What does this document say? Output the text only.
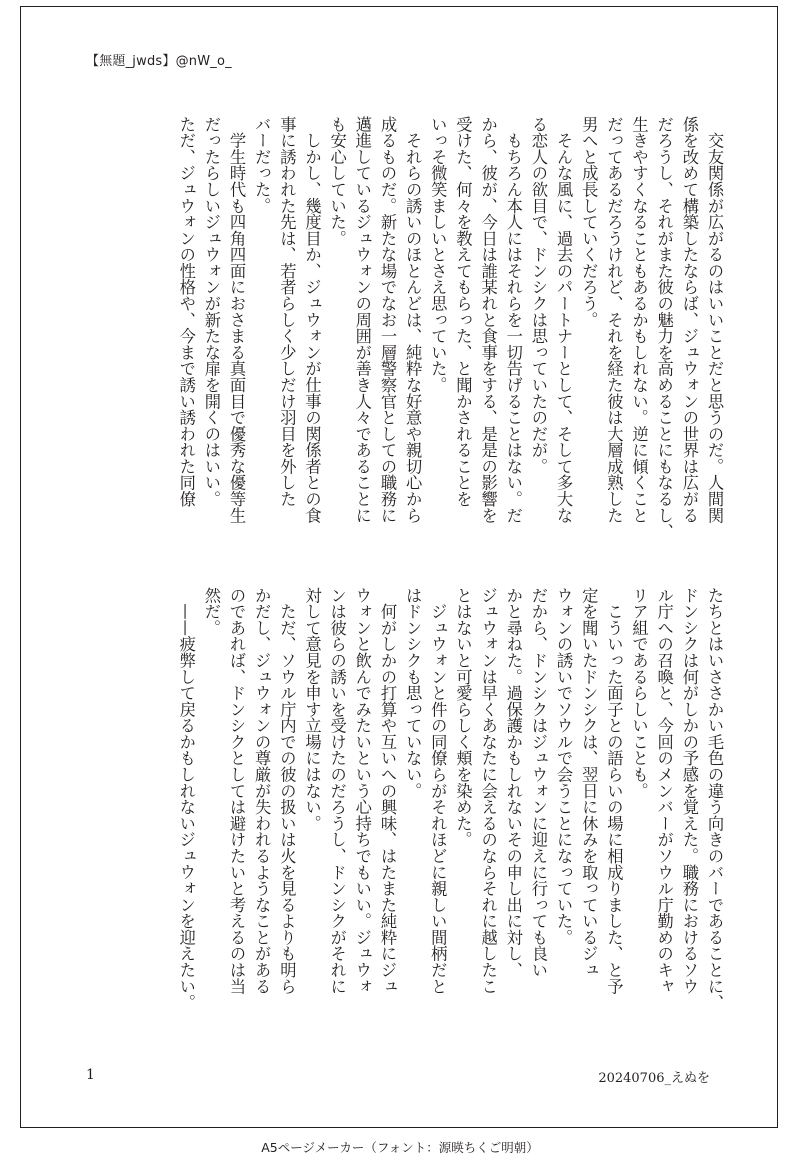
【無題_jwds】@nW_o_

　交友関係が広がるのはいいことだと思うのだ。人間関

係を改めて構築したならば、ジュウォンの世界は広がる

だろうし、それがまた彼の魅力を高めることにもなるし、

生きやすくなることもあるかもしれない。逆に傾くこと

だってあるだろうけれど、それを経た彼は大層成熟した

男へと成長していくだろう。

　そんな風に、過去のパートナーとして、そして多大な

る恋人の欲目で、ドンシクは思っていたのだが。

　もちろん本人にはそれらを一切告げることはない。だ

から、彼が、今日は誰某れと食事をする、是是の影響を

受けた、何々を教えてもらった、と聞かされることを

いっそ微笑ましいとさえ思っていた。

　それらの誘いのほとんどは、純粋な好意や親切心から

成るものだ。新たな場でなお一層警察官としての職務に

邁進しているジュウォンの周囲が善き人々であることに

も安心していた。

　しかし、幾度目か、ジュウォンが仕事の関係者との食

事に誘われた先は、若者らしく少しだけ羽目を外した

バーだった。

　学生時代も四角四面におさまる真面目で優秀な優等生

だったらしいジュウォンが新たな扉を開くのはいい。

ただ、ジュウォンの性格や、今まで誘い誘われた同僚

たちとはいささかい毛色の違う向きのバーであることに、

ドンシクは何がしかの予感を覚えた。職務におけるソウ

ル庁への召喚と、今回のメンバーがソウル庁勤めのキャ

リア組であるらしいことも。

　こういった面子との語らいの場に相成りました、と予

定を聞いたドンシクは、翌日に休みを取っているジュ

ウォンの誘いでソウルで会うことになっていた。

だから、ドンシクはジュウォンに迎えに行っても良い

かと尋ねた。過保護かもしれないその申し出に対し、

ジュウォンは早くあなたに会えるのならそれに越したこ

とはないと可愛らしく頬を染めた。

　ジュウォンと件の同僚らがそれほどに親しい間柄だと

はドンシクも思っていない。

　何がしかの打算や互いへの興味、はたまた純粋にジュ

ウォンと飲んでみたいという心持ちでもいい。ジュウォ

ンは彼らの誘いを受けたのだろうし、ドンシクがそれに

対して意見を申す立場にはない。

　ただ、ソウル庁内での彼の扱いは火を見るよりも明ら

かだし、ジュウォンの尊厳が失われるようなことがある

のであれば、ドンシクとしては避けたいと考えるのは当

然だ。

　——疲弊して戻るかもしれないジュウォンを迎えたい。

1	20240706_えぬを
A5ページメーカー（フォント：源暎ちくご明朝）
